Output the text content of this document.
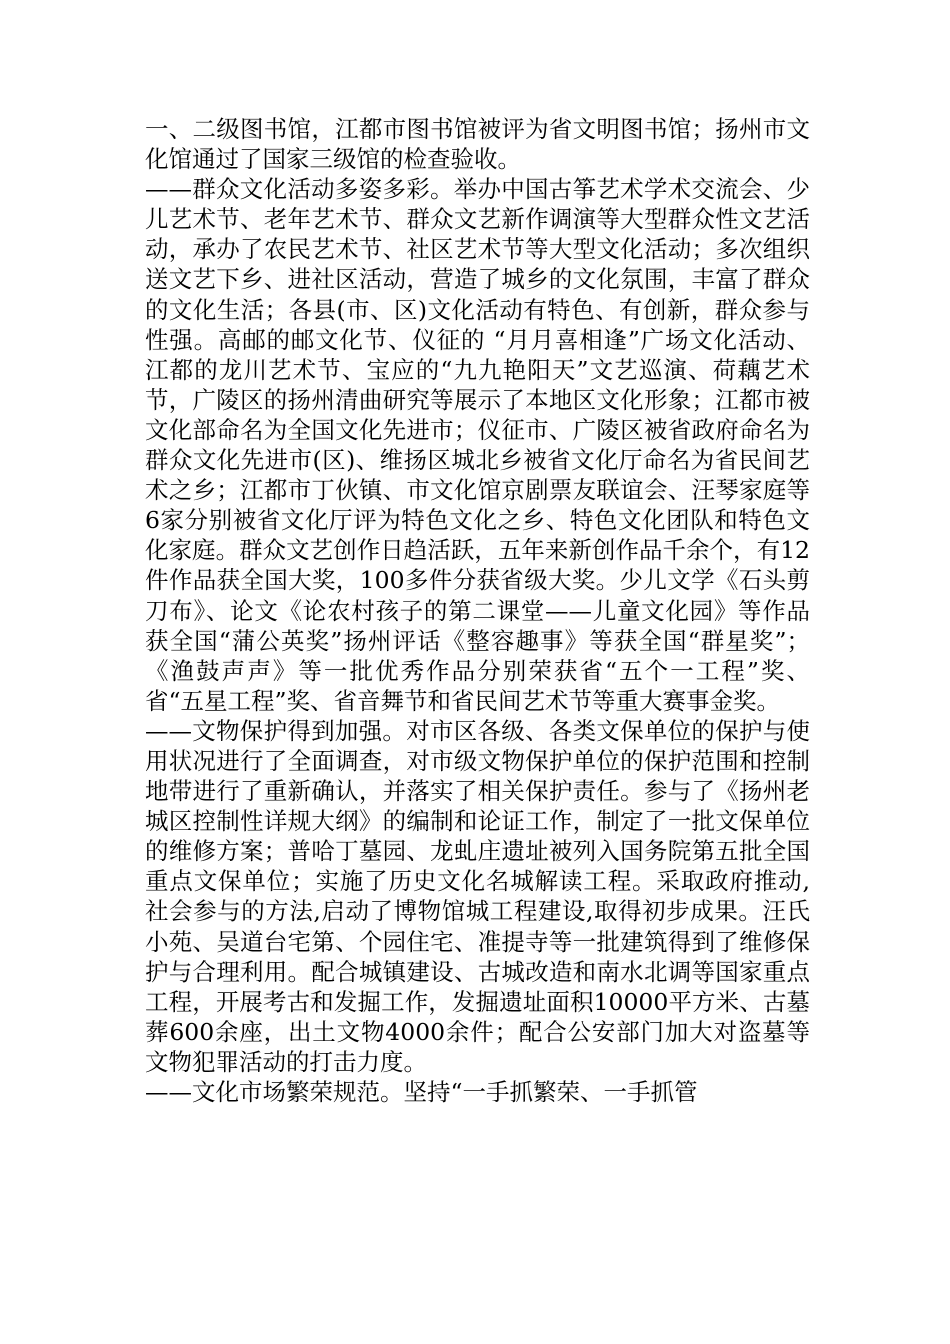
一、二级图书馆，江都市图书馆被评为省文明图书馆；扬州市文化馆通过了国家三级馆的检查验收。

——群众文化活动多姿多彩。举办中国古筝艺术学术交流会、少儿艺术节、老年艺术节、群众文艺新作调演等大型群众性文艺活动，承办了农民艺术节、社区艺术节等大型文化活动；多次组织送文艺下乡、进社区活动，营造了城乡的文化氛围，丰富了群众的文化生活；各县(市、区)文化活动有特色、有创新，群众参与性强。高邮的邮文化节、仪征的 “月月喜相逢”广场文化活动、江都的龙川艺术节、宝应的“九九艳阳天”文艺巡演、荷藕艺术节，广陵区的扬州清曲研究等展示了本地区文化形象；江都市被文化部命名为全国文化先进市；仪征市、广陵区被省政府命名为群众文化先进市(区)、维扬区城北乡被省文化厅命名为省民间艺术之乡；江都市丁伙镇、市文化馆京剧票友联谊会、汪琴家庭等6家分别被省文化厅评为特色文化之乡、特色文化团队和特色文化家庭。群众文艺创作日趋活跃，五年来新创作品千余个，有12件作品获全国大奖，100多件分获省级大奖。少儿文学《石头剪刀布》、论文《论农村孩子的第二课堂——儿童文化园》等作品获全国“蒲公英奖”扬州评话《整容趣事》等获全国“群星奖”；《渔鼓声声》等一批优秀作品分别荣获省“五个一工程”奖、省“五星工程”奖、省音舞节和省民间艺术节等重大赛事金奖。

——文物保护得到加强。对市区各级、各类文保单位的保护与使用状况进行了全面调查，对市级文物保护单位的保护范围和控制地带进行了重新确认，并落实了相关保护责任。参与了《扬州老城区控制性详规大纲》的编制和论证工作，制定了一批文保单位的维修方案；普哈丁墓园、龙虬庄遗址被列入国务院第五批全国重点文保单位；实施了历史文化名城解读工程。采取政府推动,社会参与的方法,启动了博物馆城工程建设,取得初步成果。汪氏小苑、吴道台宅第、个园住宅、准提寺等一批建筑得到了维修保护与合理利用。配合城镇建设、古城改造和南水北调等国家重点工程，开展考古和发掘工作，发掘遗址面积10000平方米、古墓葬600余座，出土文物4000余件；配合公安部门加大对盗墓等文物犯罪活动的打击力度。

——文化市场繁荣规范。坚持“一手抓繁荣、一手抓管
